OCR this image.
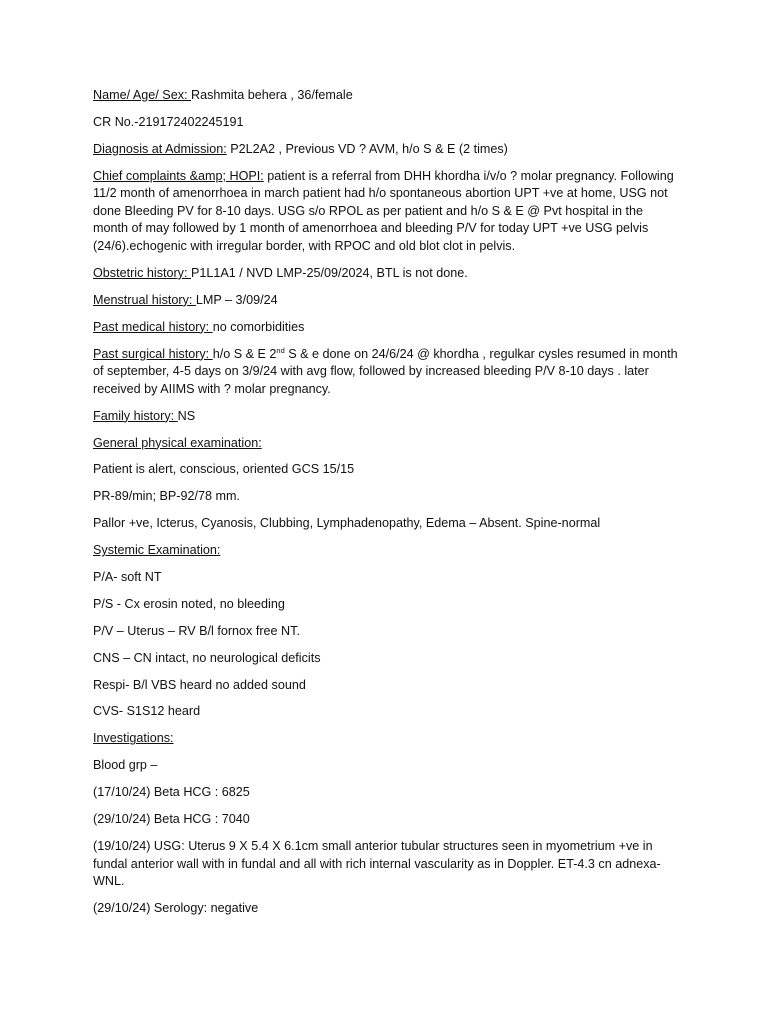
Name/ Age/ Sex: Rashmita behera , 36/female

CR No.-219172402245191

Diagnosis at Admission: P2L2A2 , Previous VD ? AVM, h/o S & E (2 times)

Chief complaints &amp; HOPI: patient is a referral from DHH khordha i/v/o ? molar pregnancy. Following 11/2 month of amenorrhoea in march patient had h/o spontaneous abortion UPT +ve at home, USG not done Bleeding PV for 8-10 days. USG s/o RPOL as per patient and h/o S & E @ Pvt hospital in the month of may followed by 1 month of amenorrhoea and bleeding P/V for today UPT +ve USG pelvis (24/6).echogenic with irregular border, with RPOC and old blot clot in pelvis.

Obstetric history: P1L1A1 / NVD LMP-25/09/2024, BTL is not done.

Menstrual history: LMP – 3/09/24

Past medical history: no comorbidities

Past surgical history: h/o S & E 2nd S & e done on 24/6/24 @ khordha , regulkar cysles resumed in month of september, 4-5 days on 3/9/24 with avg flow, followed by increased bleeding P/V 8-10 days . later received by AIIMS with ? molar pregnancy.

Family history: NS

General physical examination:

Patient is alert, conscious, oriented GCS 15/15

PR-89/min; BP-92/78 mm.

Pallor +ve, Icterus, Cyanosis, Clubbing, Lymphadenopathy, Edema – Absent. Spine-normal

Systemic Examination:

P/A- soft NT

P/S - Cx erosin noted, no bleeding

P/V – Uterus – RV B/l fornox free NT.

CNS – CN intact, no neurological deficits

Respi- B/l VBS heard no added sound

CVS- S1S12 heard

Investigations:

Blood grp –

(17/10/24) Beta HCG : 6825

(29/10/24) Beta HCG : 7040

(19/10/24) USG: Uterus 9 X 5.4 X 6.1cm small anterior tubular structures seen in myometrium +ve in fundal anterior wall with in fundal and all with rich internal vascularity as in Doppler. ET-4.3 cn adnexa-WNL.

(29/10/24) Serology: negative
